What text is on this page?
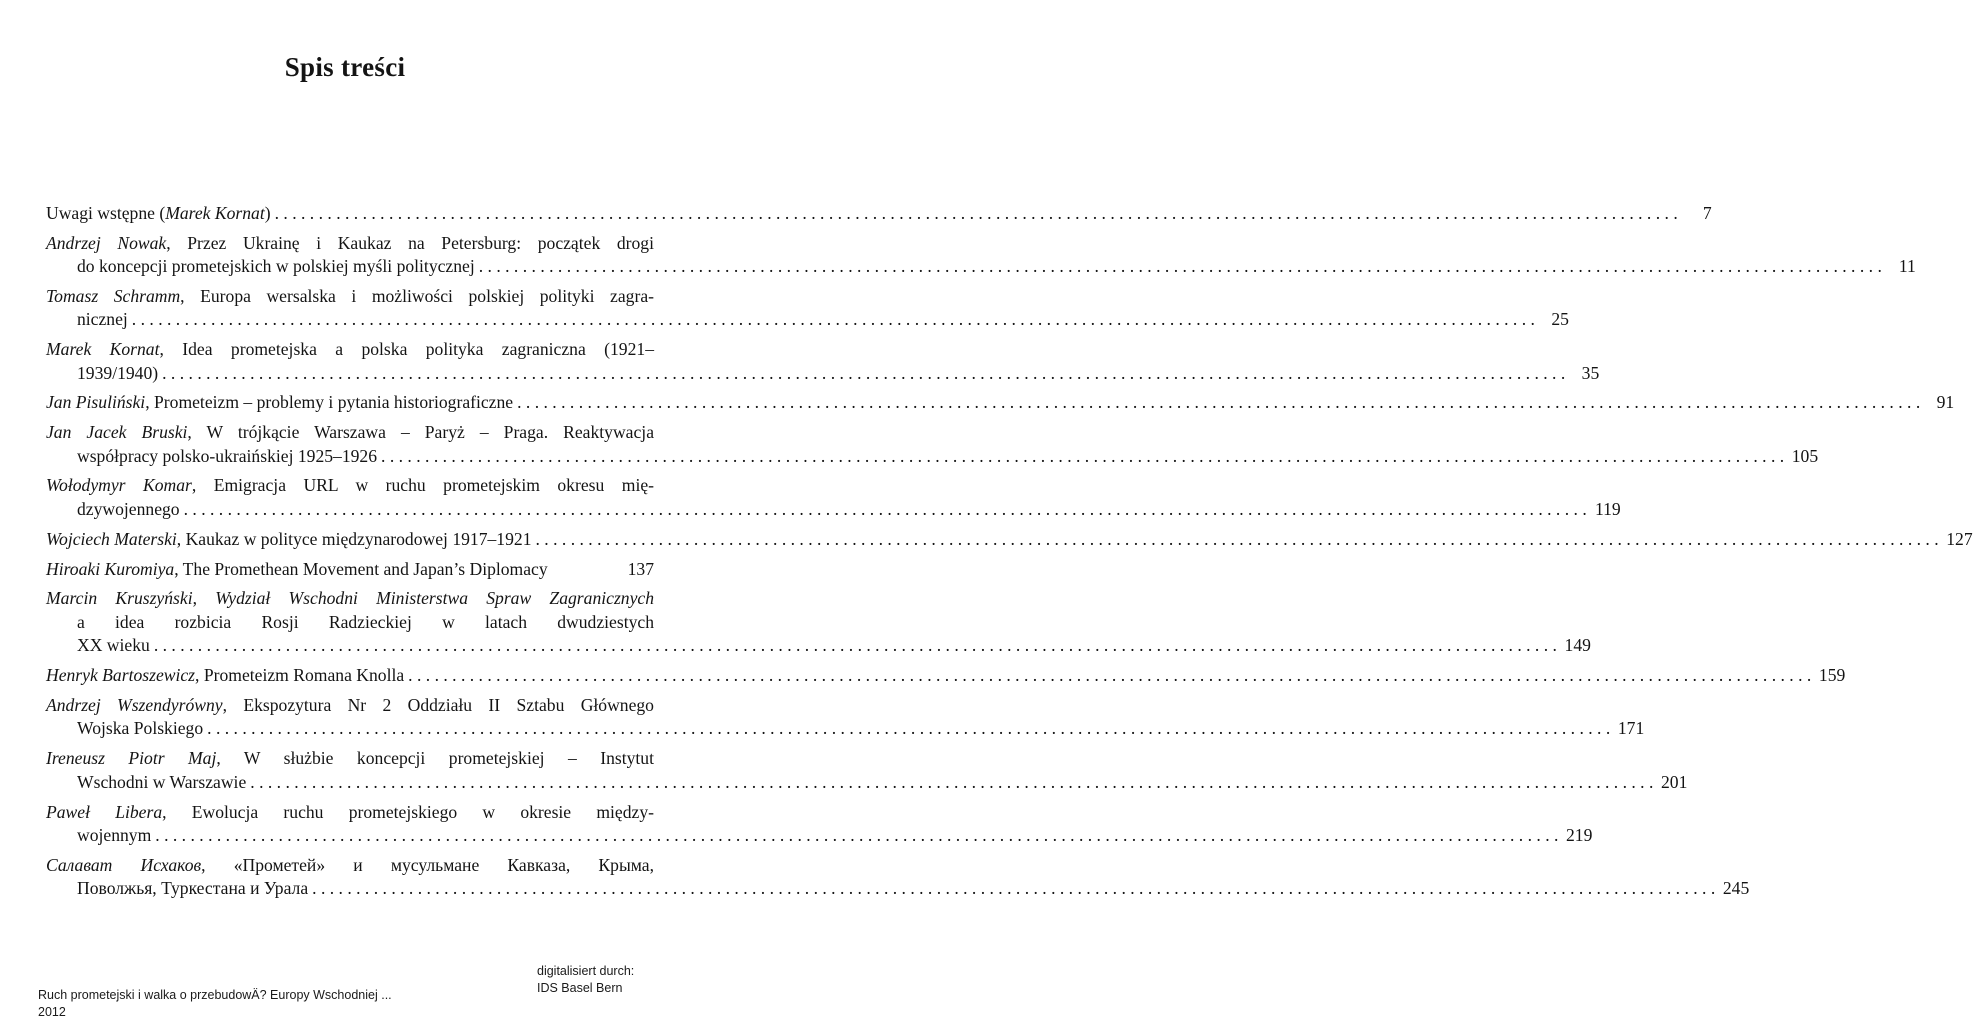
Spis treści
Uwagi wstępne (Marek Kornat) . . . . . . . . . . . . . . . . . . . . . . . . . . . . . . . . . . . . . . . . . . . . . . . . . . . . . . . . . . . . . . . . . . . . . . . . . . . . . . . . . . . . . . . . . . . . . . . . . . . . . . . . . . . . . . . . . . . . . . . . . . . . . . . . . . . . . . . . . . . . . . . . . . . . . . . . . . . . . . . .	7
Andrzej Nowak, Przez Ukrainę i Kaukaz na Petersburg: początek drogi
do koncepcji prometejskich w polskiej myśli politycznej . . . . . . . . . . . . . . . . . . . . . . . . . . . . . . . . . . . . . . . . . . . . . . . . . . . . . . . . . . . . . . . . . . . . . . . . . . . . . . . . . . . . . . . . . . . . . . . . . . . . . . . . . . . . . . . . . . . . . . . . . . . . . . . . . . . . . . . . . . . . . . . . . . . . . . . . . . . . . . . . 11
Tomasz Schramm, Europa wersalska i możliwości polskiej polityki zagra-
nicznej . . . . . . . . . . . . . . . . . . . . . . . . . . . . . . . . . . . . . . . . . . . . . . . . . . . . . . . . . . . . . . . . . . . . . . . . . . . . . . . . . . . . . . . . . . . . . . . . . . . . . . . . . . . . . . . . . . . . . . . . . . . . . . . . . . . . . . . . . . . . . . . . . . . . . . . . . . . . . . . . 25
Marek Kornat, Idea prometejska a polska polityka zagraniczna (1921–
1939/1940) . . . . . . . . . . . . . . . . . . . . . . . . . . . . . . . . . . . . . . . . . . . . . . . . . . . . . . . . . . . . . . . . . . . . . . . . . . . . . . . . . . . . . . . . . . . . . . . . . . . . . . . . . . . . . . . . . . . . . . . . . . . . . . . . . . . . . . . . . . . . . . . . . . . . . . . . . . . . . . . . 35
Jan Pisuliński, Prometeizm – problemy i pytania historiograficzne . . . . . . . . . . . . . . . . . . . . . . . . . . . . . . . . . . . . . . . . . . . . . . . . . . . . . . . . . . . . . . . . . . . . . . . . . . . . . . . . . . . . . . . . . . . . . . . . . . . . . . . . . . . . . . . . . . . . . . . . . . . . . . . . . . . . . . . . . . . . . . . . . . . . . . . . . . . . . . . . 91
Jan Jacek Bruski, W trójkącie Warszawa – Paryż – Praga. Reaktywacja
współpracy polsko-ukraińskiej 1925–1926 . . . . . . . . . . . . . . . . . . . . . . . . . . . . . . . . . . . . . . . . . . . . . . . . . . . . . . . . . . . . . . . . . . . . . . . . . . . . . . . . . . . . . . . . . . . . . . . . . . . . . . . . . . . . . . . . . . . . . . . . . . . . . . . . . . . . . . . . . . . . . . . . . . . . . . . . . . . . . . . . 105
Wołodymyr Komar, Emigracja URL w ruchu prometejskim okresu mię-
dzywojennego . . . . . . . . . . . . . . . . . . . . . . . . . . . . . . . . . . . . . . . . . . . . . . . . . . . . . . . . . . . . . . . . . . . . . . . . . . . . . . . . . . . . . . . . . . . . . . . . . . . . . . . . . . . . . . . . . . . . . . . . . . . . . . . . . . . . . . . . . . . . . . . . . . . . . . . . . . . . . . . . 119
Wojciech Materski, Kaukaz w polityce międzynarodowej 1917–1921 . . . . . . . . . . . . . . . . . . . . . . . . . . . . . . . . . . . . . . . . . . . . . . . . . . . . . . . . . . . . . . . . . . . . . . . . . . . . . . . . . . . . . . . . . . . . . . . . . . . . . . . . . . . . . . . . . . . . . . . . . . . . . . . . . . . . . . . . . . . . . . . . . . . . . . . . . . . . . . . . 127
Hiroaki Kuromiya, The Promethean Movement and Japan’s Diplomacy	137
Marcin Kruszyński, Wydział Wschodni Ministerstwa Spraw Zagranicznych
a idea rozbicia Rosji Radzieckiej w latach dwudziestych
XX wieku . . . . . . . . . . . . . . . . . . . . . . . . . . . . . . . . . . . . . . . . . . . . . . . . . . . . . . . . . . . . . . . . . . . . . . . . . . . . . . . . . . . . . . . . . . . . . . . . . . . . . . . . . . . . . . . . . . . . . . . . . . . . . . . . . . . . . . . . . . . . . . . . . . . . . . . . . . . . . . . . 149
Henryk Bartoszewicz, Prometeizm Romana Knolla . . . . . . . . . . . . . . . . . . . . . . . . . . . . . . . . . . . . . . . . . . . . . . . . . . . . . . . . . . . . . . . . . . . . . . . . . . . . . . . . . . . . . . . . . . . . . . . . . . . . . . . . . . . . . . . . . . . . . . . . . . . . . . . . . . . . . . . . . . . . . . . . . . . . . . . . . . . . . . . . 159
Andrzej Wszendyrówny, Ekspozytura Nr 2 Oddziału II Sztabu Głównego
Wojska Polskiego . . . . . . . . . . . . . . . . . . . . . . . . . . . . . . . . . . . . . . . . . . . . . . . . . . . . . . . . . . . . . . . . . . . . . . . . . . . . . . . . . . . . . . . . . . . . . . . . . . . . . . . . . . . . . . . . . . . . . . . . . . . . . . . . . . . . . . . . . . . . . . . . . . . . . . . . . . . . . . . . 171
Ireneusz Piotr Maj, W służbie koncepcji prometejskiej – Instytut
Wschodni w Warszawie . . . . . . . . . . . . . . . . . . . . . . . . . . . . . . . . . . . . . . . . . . . . . . . . . . . . . . . . . . . . . . . . . . . . . . . . . . . . . . . . . . . . . . . . . . . . . . . . . . . . . . . . . . . . . . . . . . . . . . . . . . . . . . . . . . . . . . . . . . . . . . . . . . . . . . . . . . . . . . . . 201
Paweł Libera, Ewolucja ruchu prometejskiego w okresie między-
wojennym . . . . . . . . . . . . . . . . . . . . . . . . . . . . . . . . . . . . . . . . . . . . . . . . . . . . . . . . . . . . . . . . . . . . . . . . . . . . . . . . . . . . . . . . . . . . . . . . . . . . . . . . . . . . . . . . . . . . . . . . . . . . . . . . . . . . . . . . . . . . . . . . . . . . . . . . . . . . . . . . 219
Салават Исхаков, «Прометей» и мусульмане Кавказа, Крыма,
Поволжья, Туркестана и Урала . . . . . . . . . . . . . . . . . . . . . . . . . . . . . . . . . . . . . . . . . . . . . . . . . . . . . . . . . . . . . . . . . . . . . . . . . . . . . . . . . . . . . . . . . . . . . . . . . . . . . . . . . . . . . . . . . . . . . . . . . . . . . . . . . . . . . . . . . . . . . . . . . . . . . . . . . . . . . . . . 245
Ruch prometejski i walka o przebudowÄ? Europy Wschodniej ...
2012
digitalisiert durch:
IDS Basel Bern
